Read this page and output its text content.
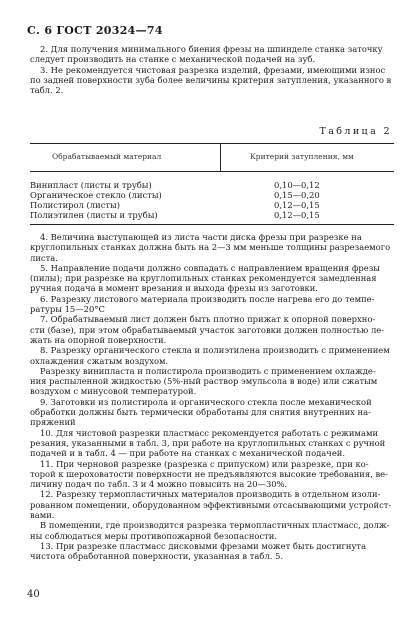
С. 6 ГОСТ 20324—74
2. Для получения минимального биения фрезы на шпинделе станка заточку
следует производить на станке с механической подачей на зуб.
3. Не рекомендуется чистовая разрезка изделий, фрезами, имеющими износ
по задней поверхности зуба более величины критерия затупления, указанного в
табл. 2.
Таблица 2
Обрабатываемый материал	Критерий затупления, мм
Винипласт (листы и трубы)	0,10—0,12
Органическое стекло (листы)	0,15—0,20
Полистирол (листы)	0,12—0,15
Полиэтилен (листы и трубы)	0,12—0,15
4. Величина выступающей из листа части диска фрезы при разрезке на
круглопильных станках должна быть на 2—3 мм меньше толщины разрезаемого
листа.
5. Направление подачи должно совпадать с направлением вращения фрезы
(пилы); при разрезке на круглопильных станках рекомендуется замедленная
ручная подача в момент врезания и выхода фрезы из заготовки.
6. Разрезку листового материала производить после нагрева его до темпе-
ратуры 15—20°С
7. Обрабатываемый лист должен быть плотно прижат к опорной поверхно-
сти (базе), при этом обрабатываемый участок заготовки должен полностью ле-
жать на опорной поверхности.
8. Разрезку органического стекла и полиэтилена производить с применением
охлаждения сжатым воздухом.
Разрезку винипласта и полистирола производить с применением охлажде-
ния распыленной жидкостью (5%-ный раствор эмульсола в воде) или сжатым
воздухом с минусовой температурой.
9. Заготовки из полистирола и органического стекла после механической
обработки должны быть термически обработаны для снятия внутренних на-
пряжений
10. Для чистовой разрезки пластмасс рекомендуется работать с режимами
резания, указанными в табл. 3, при работе на круглопильных станках с ручной
подачей и в табл. 4 — при работе на станках с механической подачей.
11. При черновой разрезке (разрезка с припуском) или разрезке, при ко-
торой к шероховатости поверхности не предъявляются высокие требования, ве-
личину подач по табл. 3 и 4 можно повысить на 20—30%.
12. Разрезку термопластичных материалов производить в отдельном изоли-
рованном помещении, оборудованном эффективными отсасывающими устройст-
вами.
В помещении, где производится разрезка термопластичных пластмасс, долж-
ны соблюдаться меры противопожарной безопасности.
13. При разрезке пластмасс дисковыми фрезами может быть достигнута
чистота обработанной поверхности, указанная в табл. 5.
40
